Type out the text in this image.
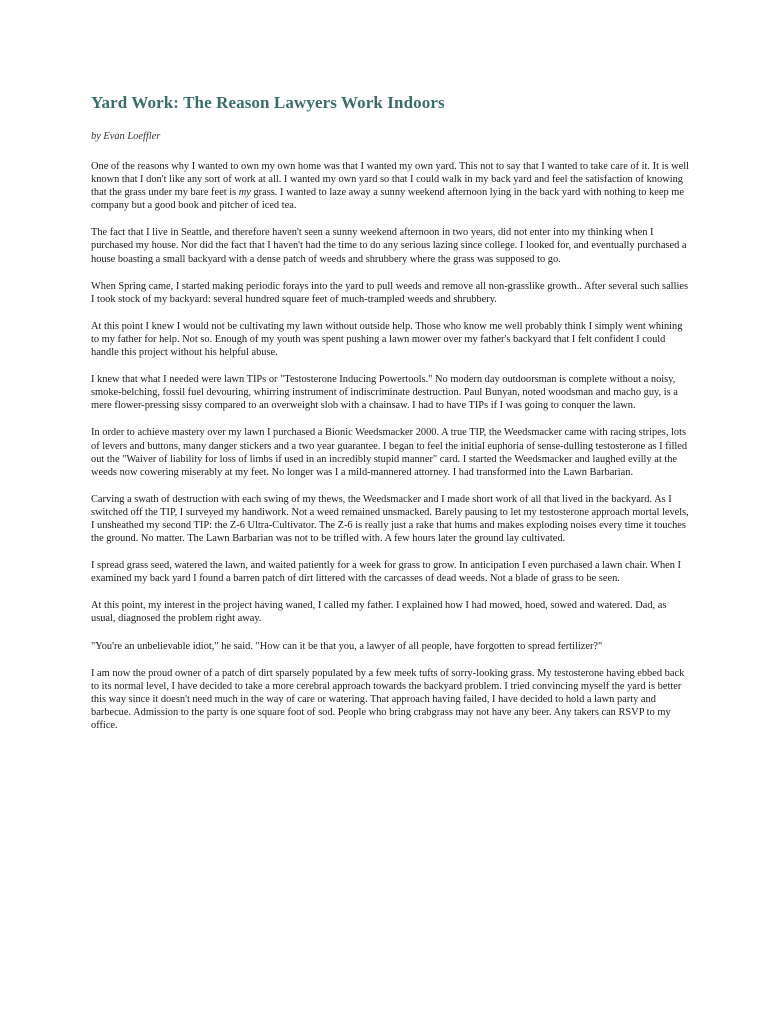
Yard Work: The Reason Lawyers Work Indoors
by Evan Loeffler

One of the reasons why I wanted to own my own home was that I wanted my own yard. This not to say that I wanted to take care of it. It is well known that I don't like any sort of work at all. I wanted my own yard so that I could walk in my back yard and feel the satisfaction of knowing that the grass under my bare feet is my grass. I wanted to laze away a sunny weekend afternoon lying in the back yard with nothing to keep me company but a good book and pitcher of iced tea.

The fact that I live in Seattle, and therefore haven't seen a sunny weekend afternoon in two years, did not enter into my thinking when I purchased my house. Nor did the fact that I haven't had the time to do any serious lazing since college. I looked for, and eventually purchased a house boasting a small backyard with a dense patch of weeds and shrubbery where the grass was supposed to go.

When Spring came, I started making periodic forays into the yard to pull weeds and remove all non-grasslike growth.. After several such sallies I took stock of my backyard: several hundred square feet of much-trampled weeds and shrubbery.

At this point I knew I would not be cultivating my lawn without outside help. Those who know me well probably think I simply went whining to my father for help. Not so. Enough of my youth was spent pushing a lawn mower over my father's backyard that I felt confident I could handle this project without his helpful abuse.

I knew that what I needed were lawn TIPs or "Testosterone Inducing Powertools." No modern day outdoorsman is complete without a noisy, smoke-belching, fossil fuel devouring, whirring instrument of indiscriminate destruction. Paul Bunyan, noted woodsman and macho guy, is a mere flower-pressing sissy compared to an overweight slob with a chainsaw. I had to have TIPs if I was going to conquer the lawn.

In order to achieve mastery over my lawn I purchased a Bionic Weedsmacker 2000. A true TIP, the Weedsmacker came with racing stripes, lots of levers and buttons, many danger stickers and a two year guarantee. I began to feel the initial euphoria of sense-dulling testosterone as I filled out the "Waiver of liability for loss of limbs if used in an incredibly stupid manner" card. I started the Weedsmacker and laughed evilly at the weeds now cowering miserably at my feet. No longer was I a mild-mannered attorney. I had transformed into the Lawn Barbarian.

Carving a swath of destruction with each swing of my thews, the Weedsmacker and I made short work of all that lived in the backyard. As I switched off the TIP, I surveyed my handiwork. Not a weed remained unsmacked. Barely pausing to let my testosterone approach mortal levels, I unsheathed my second TIP: the Z-6 Ultra-Cultivator. The Z-6 is really just a rake that hums and makes exploding noises every time it touches the ground. No matter. The Lawn Barbarian was not to be trifled with. A few hours later the ground lay cultivated.

I spread grass seed, watered the lawn, and waited patiently for a week for grass to grow. In anticipation I even purchased a lawn chair. When I examined my back yard I found a barren patch of dirt littered with the carcasses of dead weeds. Not a blade of grass to be seen.

At this point, my interest in the project having waned, I called my father. I explained how I had mowed, hoed, sowed and watered. Dad, as usual, diagnosed the problem right away.

"You're an unbelievable idiot," he said. "How can it be that you, a lawyer of all people, have forgotten to spread fertilizer?"

I am now the proud owner of a patch of dirt sparsely populated by a few meek tufts of sorry-looking grass. My testosterone having ebbed back to its normal level, I have decided to take a more cerebral approach towards the backyard problem. I tried convincing myself the yard is better this way since it doesn't need much in the way of care or watering. That approach having failed, I have decided to hold a lawn party and barbecue. Admission to the party is one square foot of sod. People who bring crabgrass may not have any beer. Any takers can RSVP to my office.
